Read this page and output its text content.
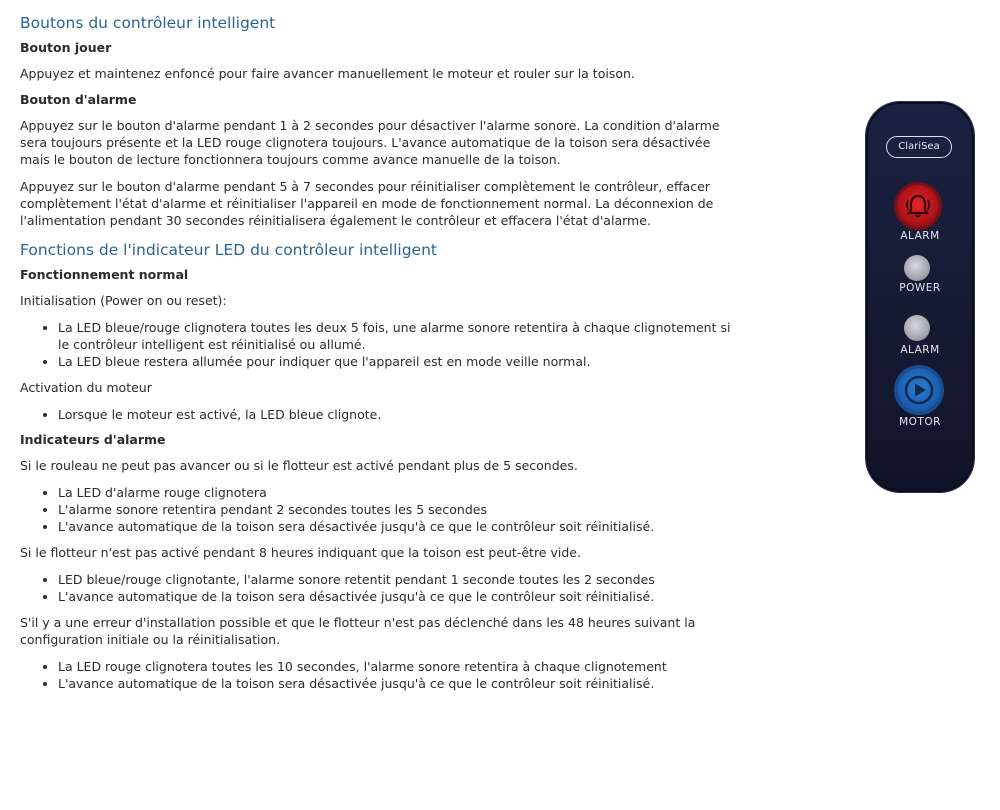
Boutons du contrôleur intelligent
Bouton jouer

Appuyez et maintenez enfoncé pour faire avancer manuellement le moteur et rouler sur la toison.

Bouton d'alarme

Appuyez sur le bouton d'alarme pendant 1 à 2 secondes pour désactiver l'alarme sonore. La condition d'alarme sera toujours présente et la LED rouge clignotera toujours. L'avance automatique de la toison sera désactivée mais le bouton de lecture fonctionnera toujours comme avance manuelle de la toison.

Appuyez sur le bouton d'alarme pendant 5 à 7 secondes pour réinitialiser complètement le contrôleur, effacer complètement l'état d'alarme et réinitialiser l'appareil en mode de fonctionnement normal. La déconnexion de l'alimentation pendant 30 secondes réinitialisera également le contrôleur et effacera l'état d'alarme.

Fonctions de l'indicateur LED du contrôleur intelligent
Fonctionnement normal

Initialisation (Power on ou reset):

• La LED bleue/rouge clignotera toutes les deux 5 fois, une alarme sonore retentira à chaque clignotement si le contrôleur intelligent est réinitialisé ou allumé.
• La LED bleue restera allumée pour indiquer que l'appareil est en mode veille normal.

Activation du moteur

• Lorsque le moteur est activé, la LED bleue clignote.
Indicateurs d'alarme

Si le rouleau ne peut pas avancer ou si le flotteur est activé pendant plus de 5 secondes.

• La LED d'alarme rouge clignotera
• L'alarme sonore retentira pendant 2 secondes toutes les 5 secondes
• L'avance automatique de la toison sera désactivée jusqu'à ce que le contrôleur soit réinitialisé.

Si le flotteur n'est pas activé pendant 8 heures indiquant que la toison est peut-être vide.

• LED bleue/rouge clignotante, l'alarme sonore retentit pendant 1 seconde toutes les 2 secondes
• L'avance automatique de la toison sera désactivée jusqu'à ce que le contrôleur soit réinitialisé.

S'il y a une erreur d'installation possible et que le flotteur n'est pas déclenché dans les 48 heures suivant la configuration initiale ou la réinitialisation.

• La LED rouge clignotera toutes les 10 secondes, l'alarme sonore retentira à chaque clignotement
• L'avance automatique de la toison sera désactivée jusqu'à ce que le contrôleur soit réinitialisé.
ClariSea
ALARM
POWER
ALARM
MOTOR
